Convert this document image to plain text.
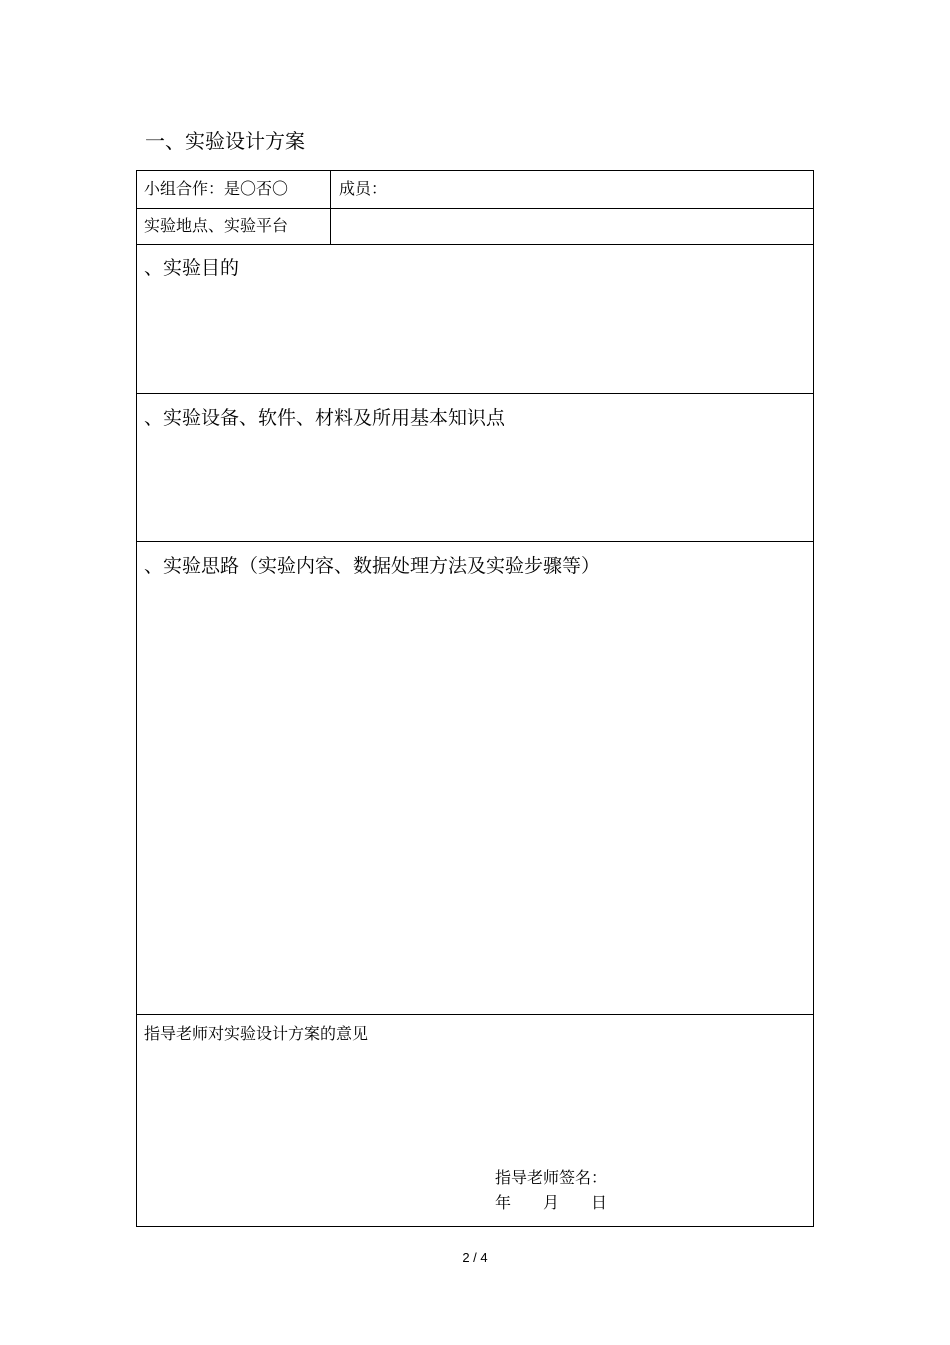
一、实验设计方案
小组合作：是〇否〇	成员：
实验地点、实验平台
、实验目的
、实验设备、软件、材料及所用基本知识点
、实验思路（实验内容、数据处理方法及实验步骤等）
指导老师对实验设计方案的意见
指导老师签名：
年　　月　　日
2 / 4
